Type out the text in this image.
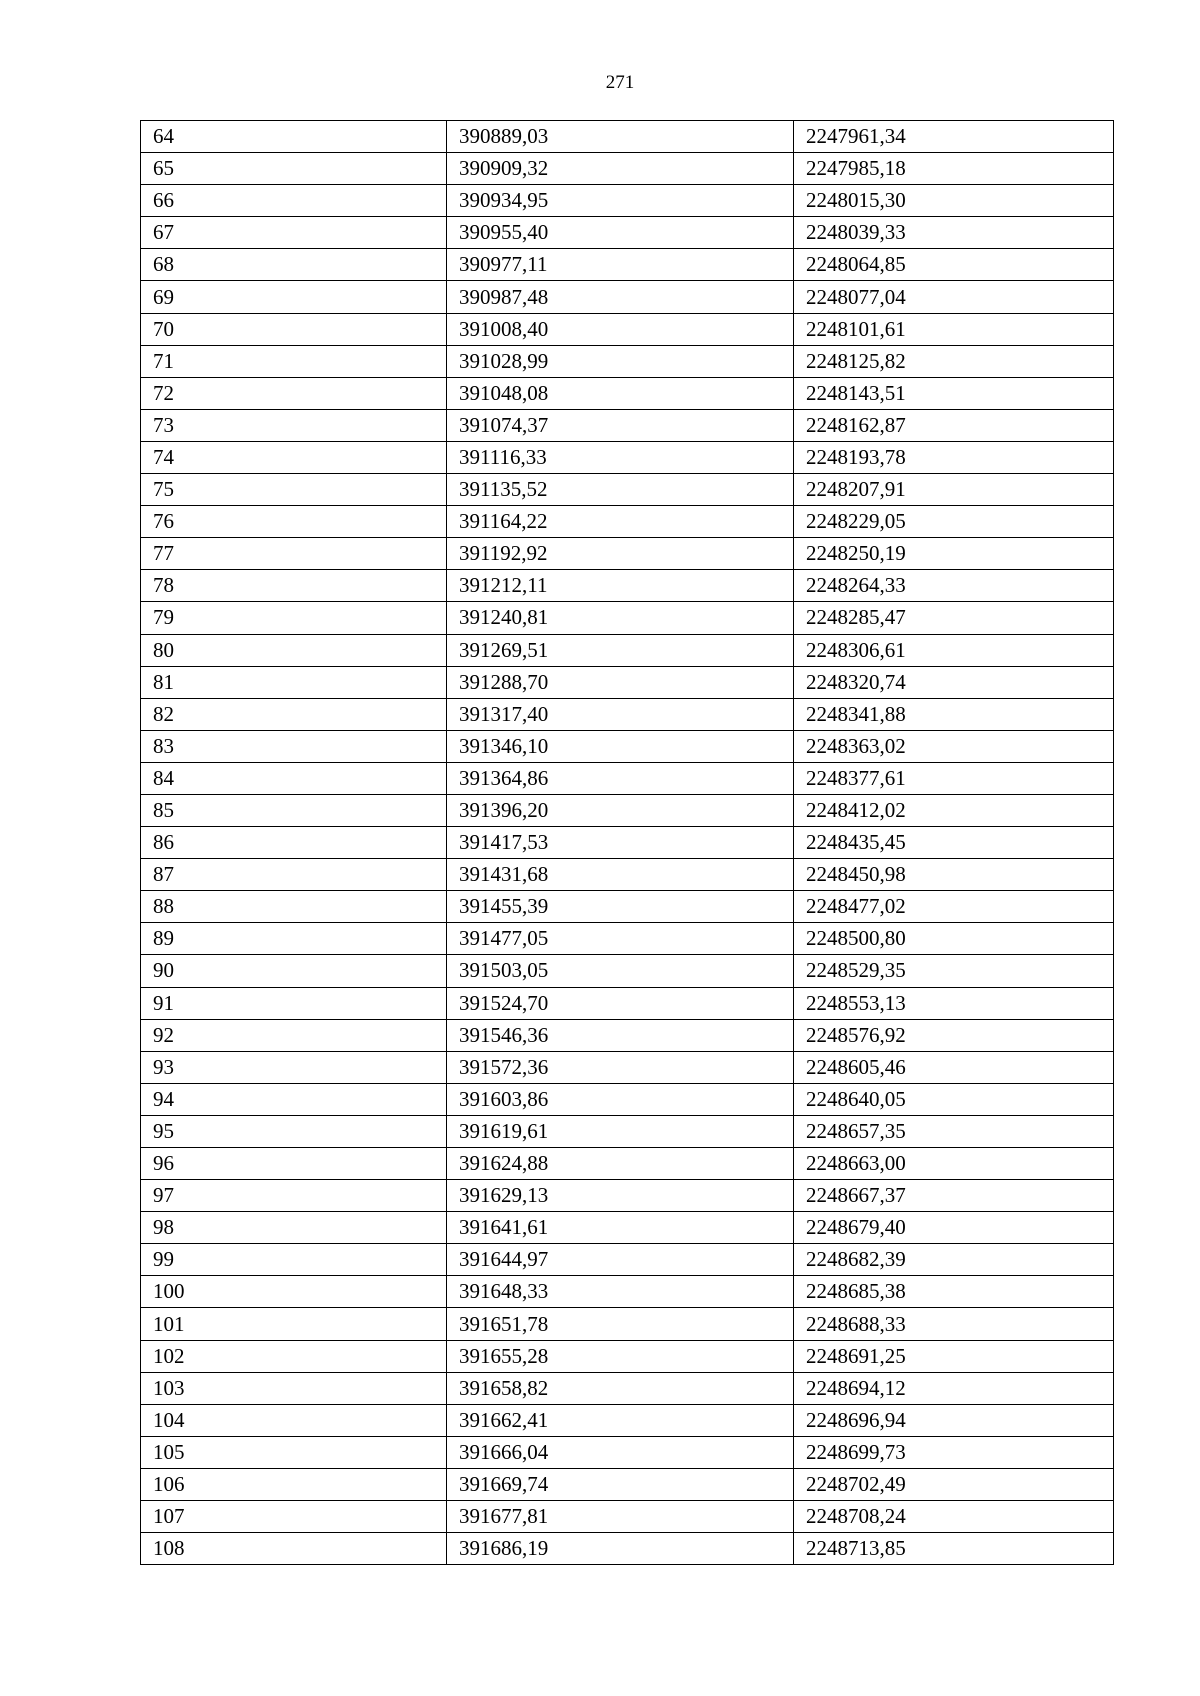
271
64	390889,03	2247961,34
65	390909,32	2247985,18
66	390934,95	2248015,30
67	390955,40	2248039,33
68	390977,11	2248064,85
69	390987,48	2248077,04
70	391008,40	2248101,61
71	391028,99	2248125,82
72	391048,08	2248143,51
73	391074,37	2248162,87
74	391116,33	2248193,78
75	391135,52	2248207,91
76	391164,22	2248229,05
77	391192,92	2248250,19
78	391212,11	2248264,33
79	391240,81	2248285,47
80	391269,51	2248306,61
81	391288,70	2248320,74
82	391317,40	2248341,88
83	391346,10	2248363,02
84	391364,86	2248377,61
85	391396,20	2248412,02
86	391417,53	2248435,45
87	391431,68	2248450,98
88	391455,39	2248477,02
89	391477,05	2248500,80
90	391503,05	2248529,35
91	391524,70	2248553,13
92	391546,36	2248576,92
93	391572,36	2248605,46
94	391603,86	2248640,05
95	391619,61	2248657,35
96	391624,88	2248663,00
97	391629,13	2248667,37
98	391641,61	2248679,40
99	391644,97	2248682,39
100	391648,33	2248685,38
101	391651,78	2248688,33
102	391655,28	2248691,25
103	391658,82	2248694,12
104	391662,41	2248696,94
105	391666,04	2248699,73
106	391669,74	2248702,49
107	391677,81	2248708,24
108	391686,19	2248713,85
